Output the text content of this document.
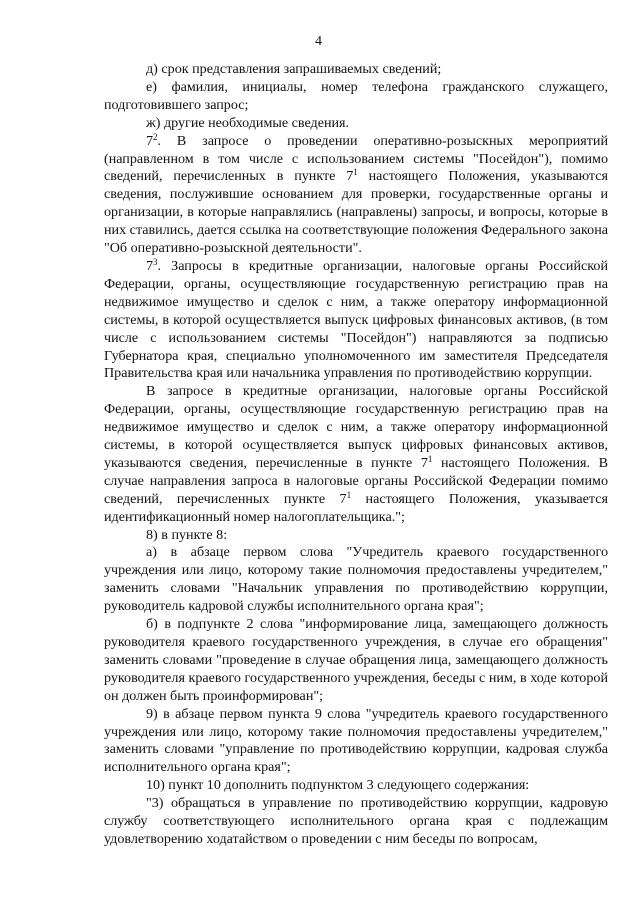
4

д) срок представления запрашиваемых сведений;

е) фамилия, инициалы, номер телефона гражданского служащего, подготовившего запрос;

ж) другие необходимые сведения.

$7^2$. В запросе о проведении оперативно-розыскных мероприятий (направленном в том числе с использованием системы "Посейдон"), помимо сведений, перечисленных в пункте $7^1$ настоящего Положения, указываются сведения, послужившие основанием для проверки, государственные органы и организации, в которые направлялись (направлены) запросы, и вопросы, которые в них ставились, дается ссылка на соответствующие положения Федерального закона "Об оперативно-розыскной деятельности".

$7^3$. Запросы в кредитные организации, налоговые органы Российской Федерации, органы, осуществляющие государственную регистрацию прав на недвижимое имущество и сделок с ним, а также оператору информационной системы, в которой осуществляется выпуск цифровых финансовых активов, (в том числе с использованием системы "Посейдон") направляются за подписью Губернатора края, специально уполномоченного им заместителя Председателя Правительства края или начальника управления по противодействию коррупции.

В запросе в кредитные организации, налоговые органы Российской Федерации, органы, осуществляющие государственную регистрацию прав на недвижимое имущество и сделок с ним, а также оператору информационной системы, в которой осуществляется выпуск цифровых финансовых активов, указываются сведения, перечисленные в пункте $7^1$ настоящего Положения. В случае направления запроса в налоговые органы Российской Федерации помимо сведений, перечисленных пункте $7^1$ настоящего Положения, указывается идентификационный номер налогоплательщика.";

8) в пункте 8:

а) в абзаце первом слова "Учредитель краевого государственного учреждения или лицо, которому такие полномочия предоставлены учредителем," заменить словами "Начальник управления по противодействию коррупции, руководитель кадровой службы исполнительного органа края";

б) в подпункте 2 слова "информирование лица, замещающего должность руководителя краевого государственного учреждения, в случае его обращения" заменить словами "проведение в случае обращения лица, замещающего должность руководителя краевого государственного учреждения, беседы с ним, в ходе которой он должен быть проинформирован";

9) в абзаце первом пункта 9 слова "учредитель краевого государственного учреждения или лицо, которому такие полномочия предоставлены учредителем," заменить словами "управление по противодействию коррупции, кадровая служба исполнительного органа края";

10) пункт 10 дополнить подпунктом 3 следующего содержания:

"3) обращаться в управление по противодействию коррупции, кадровую службу соответствующего исполнительного органа края с подлежащим удовлетворению ходатайством о проведении с ним беседы по вопросам,
